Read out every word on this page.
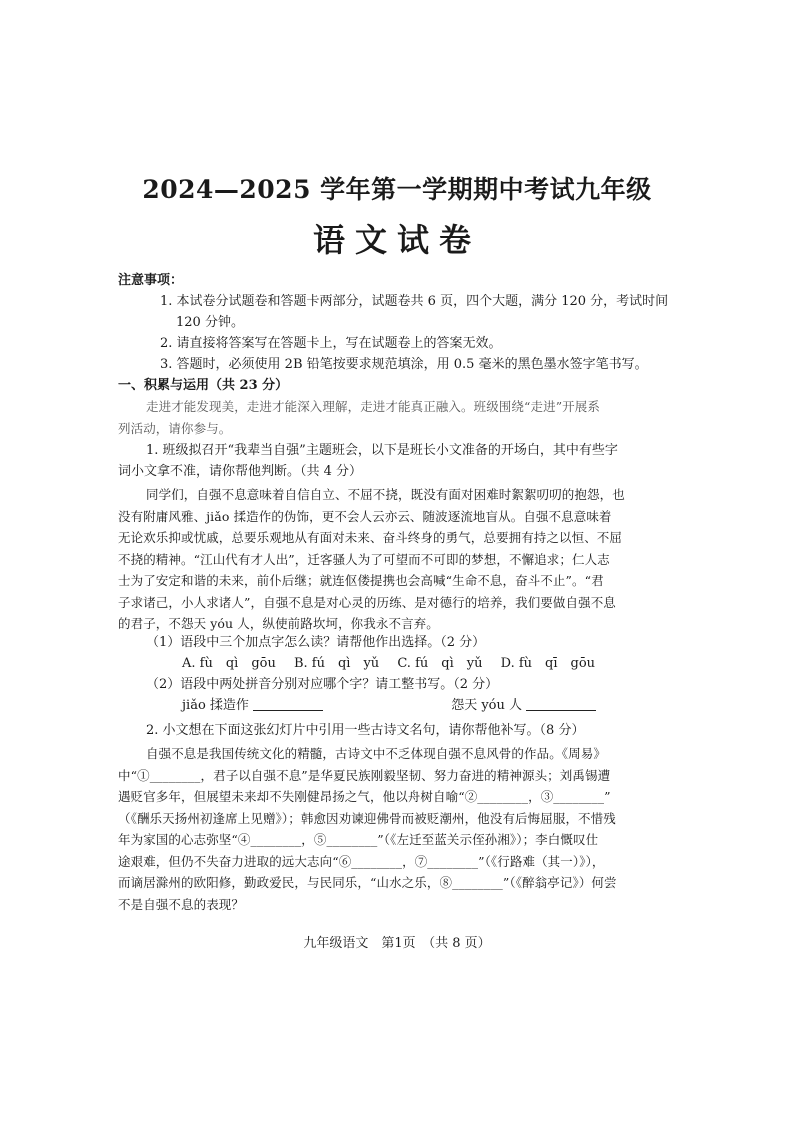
2024—2025 学年第一学期期中考试九年级
语文试卷
注意事项：
1. 本试卷分试题卷和答题卡两部分，试题卷共 6 页，四个大题，满分 120 分，考试时间
120 分钟。
2. 请直接将答案写在答题卡上，写在试题卷上的答案无效。
3. 答题时，必须使用 2B 铅笔按要求规范填涂，用 0.5 毫米的黑色墨水签字笔书写。
一、积累与运用（共 23 分）
走进才能发现美，走进才能深入理解，走进才能真正融入。班级围绕“走进”开展系
列活动，请你参与。
1. 班级拟召开“我辈当自强”主题班会，以下是班长小文准备的开场白，其中有些字
词小文拿不准，请你帮他判断。（共 4 分）
同学们，自强不息意味着自信自立、不屈不挠，既没有面对困难时絮絮叨叨的抱怨，也
没有附庸风雅、jiǎo 揉造作的伪饰，更不会人云亦云、随波逐流地盲从。自强不息意味着
无论欢乐抑或忧戚，总要乐观地从有面对未来、奋斗终身的勇气，总要拥有持之以恒、不屈
不挠的精神。“江山代有才人出”，迁客骚人为了可望而不可即的梦想，不懈追求；仁人志
士为了安定和谐的未来，前仆后继；就连伛偻提携也会高喊“生命不息，奋斗不止”。“君
子求诸己，小人求诸人”，自强不息是对心灵的历练、是对德行的培养，我们要做自强不息
的君子，不怨天 yóu 人，纵使前路坎坷，你我永不言弃。
（1）语段中三个加点字怎么读？请帮他作出选择。（2 分）
A. fù　qì　gōu B. fú　qì　yǔ C. fú　qì　yǔ D. fù　qī　gōu
（2）语段中两处拼音分别对应哪个字？请工整书写。（2 分）
jiǎo 揉造作	怨天 yóu 人
2. 小文想在下面这张幻灯片中引用一些古诗文名句，请你帮他补写。（8 分）
自强不息是我国传统文化的精髓，古诗文中不乏体现自强不息风骨的作品。《周易》
中“①________，君子以自强不息”是华夏民族刚毅坚韧、努力奋进的精神源头；刘禹锡遭
遇贬官多年，但展望未来却不失刚健昂扬之气，他以舟树自喻“②________，③________”
（《酬乐天扬州初逢席上见赠》）；韩愈因劝谏迎佛骨而被贬潮州，他没有后悔屈服，不惜残
年为家国的心志弥坚“④________，⑤________”（《左迁至蓝关示侄孙湘》）；李白慨叹仕
途艰难，但仍不失奋力进取的远大志向“⑥________，⑦________”（《行路难（其一）》），
而谪居滁州的欧阳修，勤政爱民，与民同乐，“山水之乐，⑧________”（《醉翁亭记》）何尝
不是自强不息的表现？
九年级语文　第1页　（共 8 页）
